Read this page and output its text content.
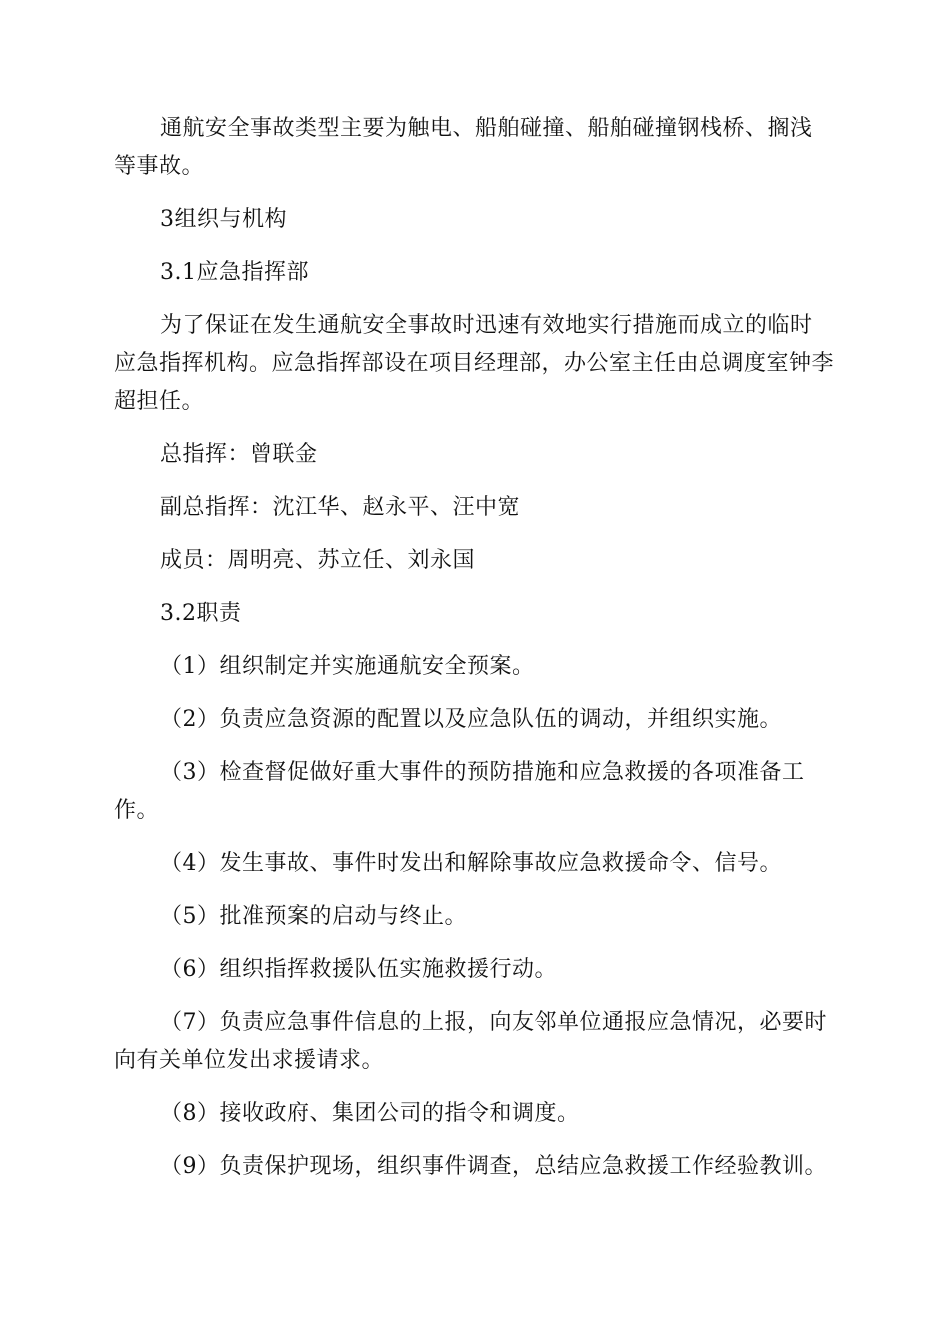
通航安全事故类型主要为触电、船舶碰撞、船舶碰撞钢栈桥、搁浅等事故。

3组织与机构

3.1应急指挥部

为了保证在发生通航安全事故时迅速有效地实行措施而成立的临时应急指挥机构。应急指挥部设在项目经理部，办公室主任由总调度室钟李超担任。

总指挥：曾联金

副总指挥：沈江华、赵永平、汪中宽

成员：周明亮、苏立任、刘永国

3.2职责

（1）组织制定并实施通航安全预案。

（2）负责应急资源的配置以及应急队伍的调动，并组织实施。

（3）检查督促做好重大事件的预防措施和应急救援的各项准备工作。

（4）发生事故、事件时发出和解除事故应急救援命令、信号。

（5）批准预案的启动与终止。

（6）组织指挥救援队伍实施救援行动。

（7）负责应急事件信息的上报，向友邻单位通报应急情况，必要时向有关单位发出求援请求。

（8）接收政府、集团公司的指令和调度。

（9）负责保护现场，组织事件调查，总结应急救援工作经验教训。
